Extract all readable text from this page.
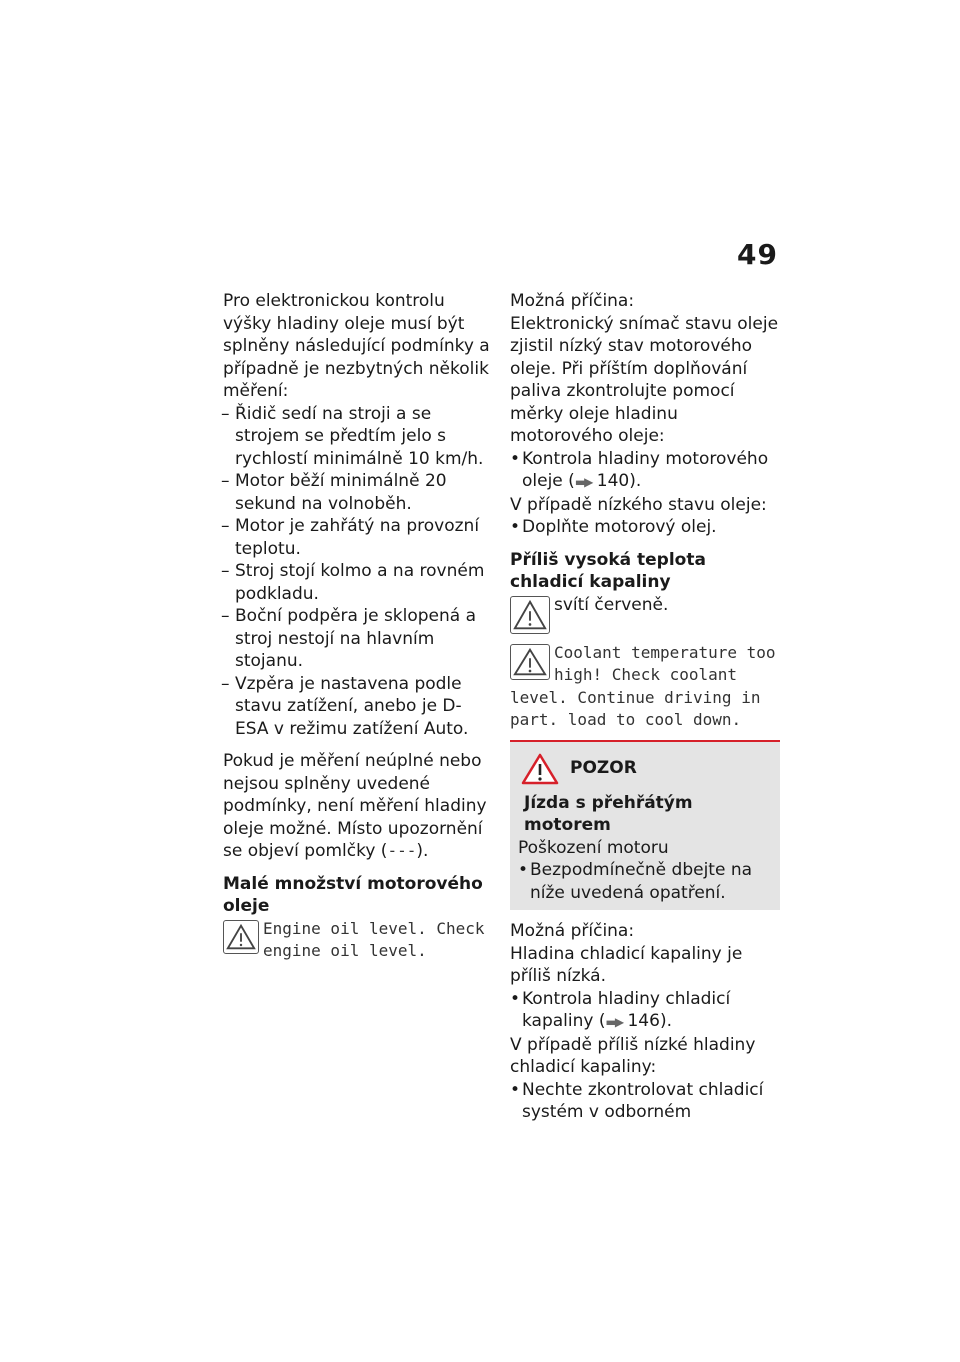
49

Pro elektronickou kontrolu výšky hladiny oleje musí být splněny následující podmínky a případně je nezbytných několik měření:

– Řidič sedí na stroji a se strojem se předtím jelo s rychlostí minimálně 10 km/h.
– Motor běží minimálně 20 sekund na volnoběh.
– Motor je zahřátý na provozní teplotu.
– Stroj stojí kolmo a na rovném podkladu.
– Boční podpěra je sklopená a stroj nestojí na hlavním stojanu.
– Vzpěra je nastavena podle stavu zatížení, anebo je D-ESA v režimu zatížení Auto.

Pokud je měření neúplné nebo nejsou splněny uvedené podmínky, není měření hladiny oleje možné. Místo upozornění se objeví pomlčky (---).

Malé množství motorového oleje

Engine oil level. Check engine oil level.

Možná příčina:

Elektronický snímač stavu oleje zjistil nízký stav motorového oleje. Při příštím doplňování paliva zkontrolujte pomocí měrky oleje hladinu motorového oleje:

• Kontrola hladiny motorového oleje (▬▶ 140).

V případě nízkého stavu oleje:

• Doplňte motorový olej.

Příliš vysoká teplota chladicí kapaliny

svítí červeně.
Coolant temperature too high! Check coolant level. Continue driving in part. load to cool down.
POZOR

Jízda s přehřátým motorem

Poškození motoru

• Bezpodmínečně dbejte na níže uvedená opatření.

Možná příčina:

Hladina chladicí kapaliny je příliš nízká.

• Kontrola hladiny chladicí kapaliny (▬▶ 146).

V případě příliš nízké hladiny chladicí kapaliny:

• Nechte zkontrolovat chladicí systém v odborném
